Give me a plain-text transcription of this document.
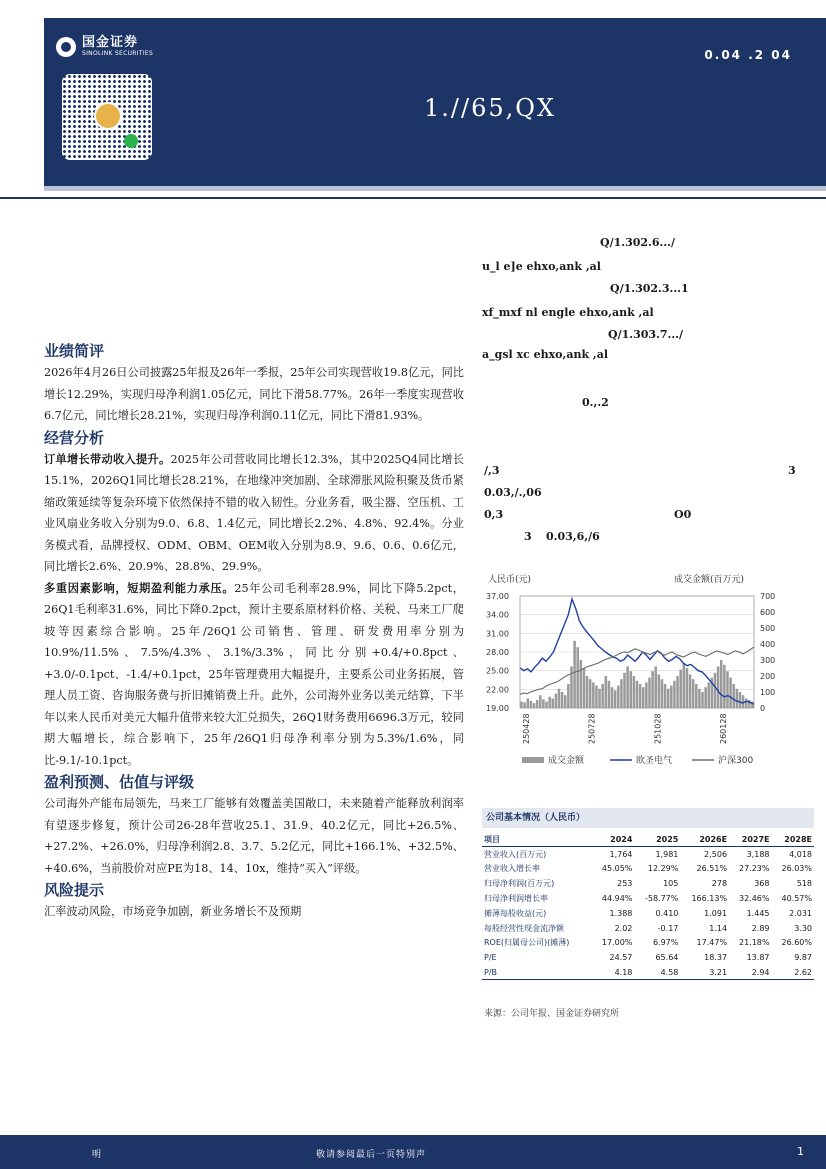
国金证券
SINOLINK SECURITIES	0.04 .2 04
1.//65,QX
业绩简评

2026年4月26日公司披露25年报及26年一季报，25年公司实现营收19.8亿元，同比增长12.29%，实现归母净利润1.05亿元，同比下滑58.77%。26年一季度实现营收6.7亿元，同比增长28.21%，实现归母净利润0.11亿元，同比下滑81.93%。

经营分析

订单增长带动收入提升。2025年公司营收同比增长12.3%，其中2025Q4同比增长15.1%，2026Q1同比增长28.21%，在地缘冲突加剧、全球滞胀风险积聚及货币紧缩政策延续等复杂环境下依然保持不错的收入韧性。分业务看，吸尘器、空压机、工业风扇业务收入分别为9.0、6.8、1.4亿元，同比增长2.2%、4.8%、92.4%。分业务模式看，品牌授权、ODM、OBM、OEM收入分别为8.9、9.6、0.6、0.6亿元，同比增长2.6%、20.9%、28.8%、29.9%。

多重因素影响，短期盈利能力承压。25年公司毛利率28.9%，同比下降5.2pct，26Q1毛利率31.6%，同比下降0.2pct，预计主要系原材料价格、关税、马来工厂爬坡等因素综合影响。25年/26Q1公司销售、管理、研发费用率分别为10.9%/11.5%、7.5%/4.3%、3.1%/3.3%，同比分别+0.4/+0.8pct、+3.0/-0.1pct、-1.4/+0.1pct，25年管理费用大幅提升，主要系公司业务拓展，管理人员工资、咨询服务费与折旧摊销费上升。此外，公司海外业务以美元结算，下半年以来人民币对美元大幅升值带来较大汇兑损失，26Q1财务费用6696.3万元，较同期大幅增长，综合影响下，25年/26Q1归母净利率分别为5.3%/1.6%，同比-9.1/-10.1pct。

盈利预测、估值与评级

公司海外产能布局领先，马来工厂能够有效覆盖美国敞口，未来随着产能释放利润率有望逐步修复，预计公司26-28年营收25.1、31.9、40.2亿元，同比+26.5%、+27.2%、+26.0%，归母净利润2.8、3.7、5.2亿元，同比+166.1%、+32.5%、+40.6%，当前股价对应PE为18、14、10x，维持“买入”评级。

风险提示

汇率波动风险，市场竞争加剧，新业务增长不及预期

Q/1.302.6.../
u_l e]e ehxo,ank ,al
Q/1.302.3...1
xf_mxf nl engle ehxo,ank ,al
Q/1.303.7.../
a_gsl xc ehxo,ank ,al
0.,.2
/,3	3
0.03,/.,06
0,3	O0
3 0.03,6,/6
人民币(元)	成交金额(百万元)
37.00
34.00
31.00
28.00
25.00
22.00
19.00
700
600
500
400
300
200
100
0
250428	250728	251028	260128
成交金额	欧圣电气	沪深300
公司基本情况（人民币）
项目	2024	2025	2026E	2027E	2028E
营业收入(百万元)	1,764	1,981	2,506	3,188	4,018
营业收入增长率	45.05%	12.29%	26.51%	27.23%	26.03%
归母净利润(百万元)	253	105	278	368	518
归母净利润增长率	44.94%	-58.77%	166.13%	32.46%	40.57%
摊薄每股收益(元)	1.388	0.410	1.091	1.445	2.031
每股经营性现金流净额	2.02	-0.17	1.14	2.89	3.30
ROE(归属母公司)(摊薄)	17.00%	6.97%	17.47%	21.18%	26.60%
P/E	24.57	65.64	18.37	13.87	9.87
P/B	4.18	4.58	3.21	2.94	2.62
来源：公司年报、国金证券研究所
明	敬请参阅最后一页特别声	1
